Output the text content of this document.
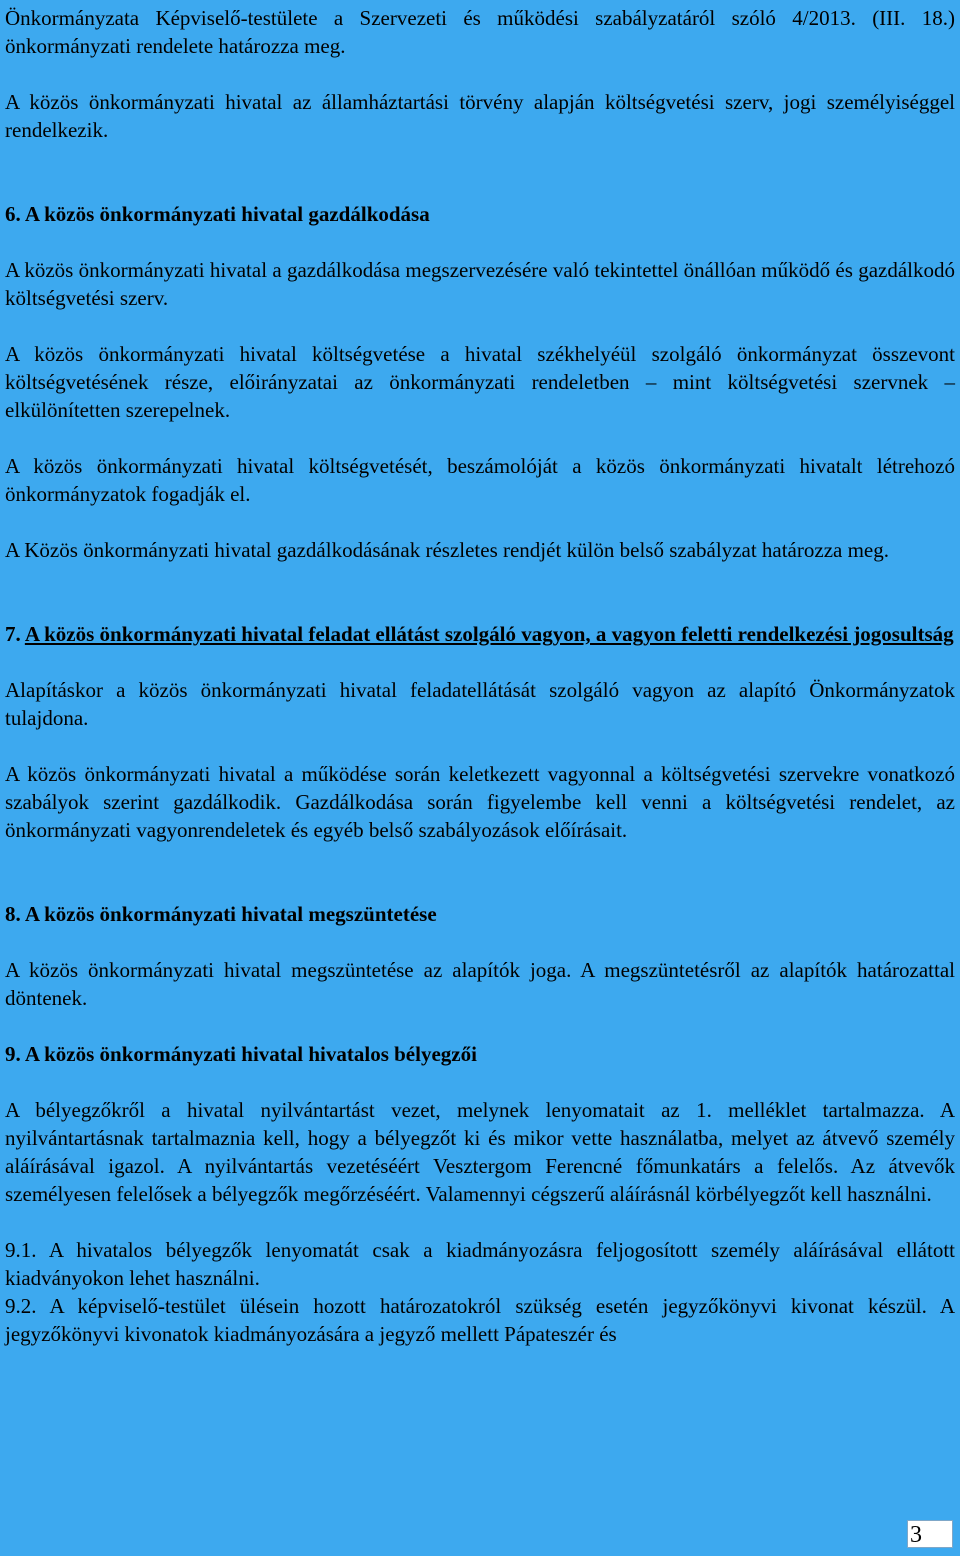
Önkormányzata Képviselő-testülete a Szervezeti és működési szabályzatáról szóló 4/2013. (III. 18.) önkormányzati rendelete határozza meg.

A közös önkormányzati hivatal az államháztartási törvény alapján költségvetési szerv, jogi személyiséggel rendelkezik.

6. A közös önkormányzati hivatal gazdálkodása

A közös önkormányzati hivatal a gazdálkodása megszervezésére való tekintettel önállóan működő és gazdálkodó költségvetési szerv.

A közös önkormányzati hivatal költségvetése a hivatal székhelyéül szolgáló önkormányzat összevont költségvetésének része, előirányzatai az önkormányzati rendeletben – mint költségvetési szervnek – elkülönítetten szerepelnek.

A közös önkormányzati hivatal költségvetését, beszámolóját a közös önkormányzati hivatalt létrehozó önkormányzatok fogadják el.

A Közös önkormányzati hivatal gazdálkodásának részletes rendjét külön belső szabályzat határozza meg.

7. A közös önkormányzati hivatal feladat ellátást szolgáló vagyon, a vagyon feletti rendelkezési jogosultság

Alapításkor a közös önkormányzati hivatal feladatellátását szolgáló vagyon az alapító Önkormányzatok tulajdona.

A közös önkormányzati hivatal a működése során keletkezett vagyonnal a költségvetési szervekre vonatkozó szabályok szerint gazdálkodik. Gazdálkodása során figyelembe kell venni a költségvetési rendelet, az önkormányzati vagyonrendeletek és egyéb belső szabályozások előírásait.

8. A közös önkormányzati hivatal megszüntetése

A közös önkormányzati hivatal megszüntetése az alapítók joga. A megszüntetésről az alapítók határozattal döntenek.

9. A közös önkormányzati hivatal hivatalos bélyegzői

A bélyegzőkről a hivatal nyilvántartást vezet, melynek lenyomatait az 1. melléklet tartalmazza. A nyilvántartásnak tartalmaznia kell, hogy a bélyegzőt ki és mikor vette használatba, melyet az átvevő személy aláírásával igazol. A nyilvántartás vezetéséért Vesztergom Ferencné főmunkatárs a felelős. Az átvevők személyesen felelősek a bélyegzők megőrzéséért. Valamennyi cégszerű aláírásnál körbélyegzőt kell használni.

9.1. A hivatalos bélyegzők lenyomatát csak a kiadmányozásra feljogosított személy aláírásával ellátott kiadványokon lehet használni.

9.2. A képviselő-testület ülésein hozott határozatokról szükség esetén jegyzőkönyvi kivonat készül. A jegyzőkönyvi kivonatok kiadmányozására a jegyző mellett Pápateszér és

3
